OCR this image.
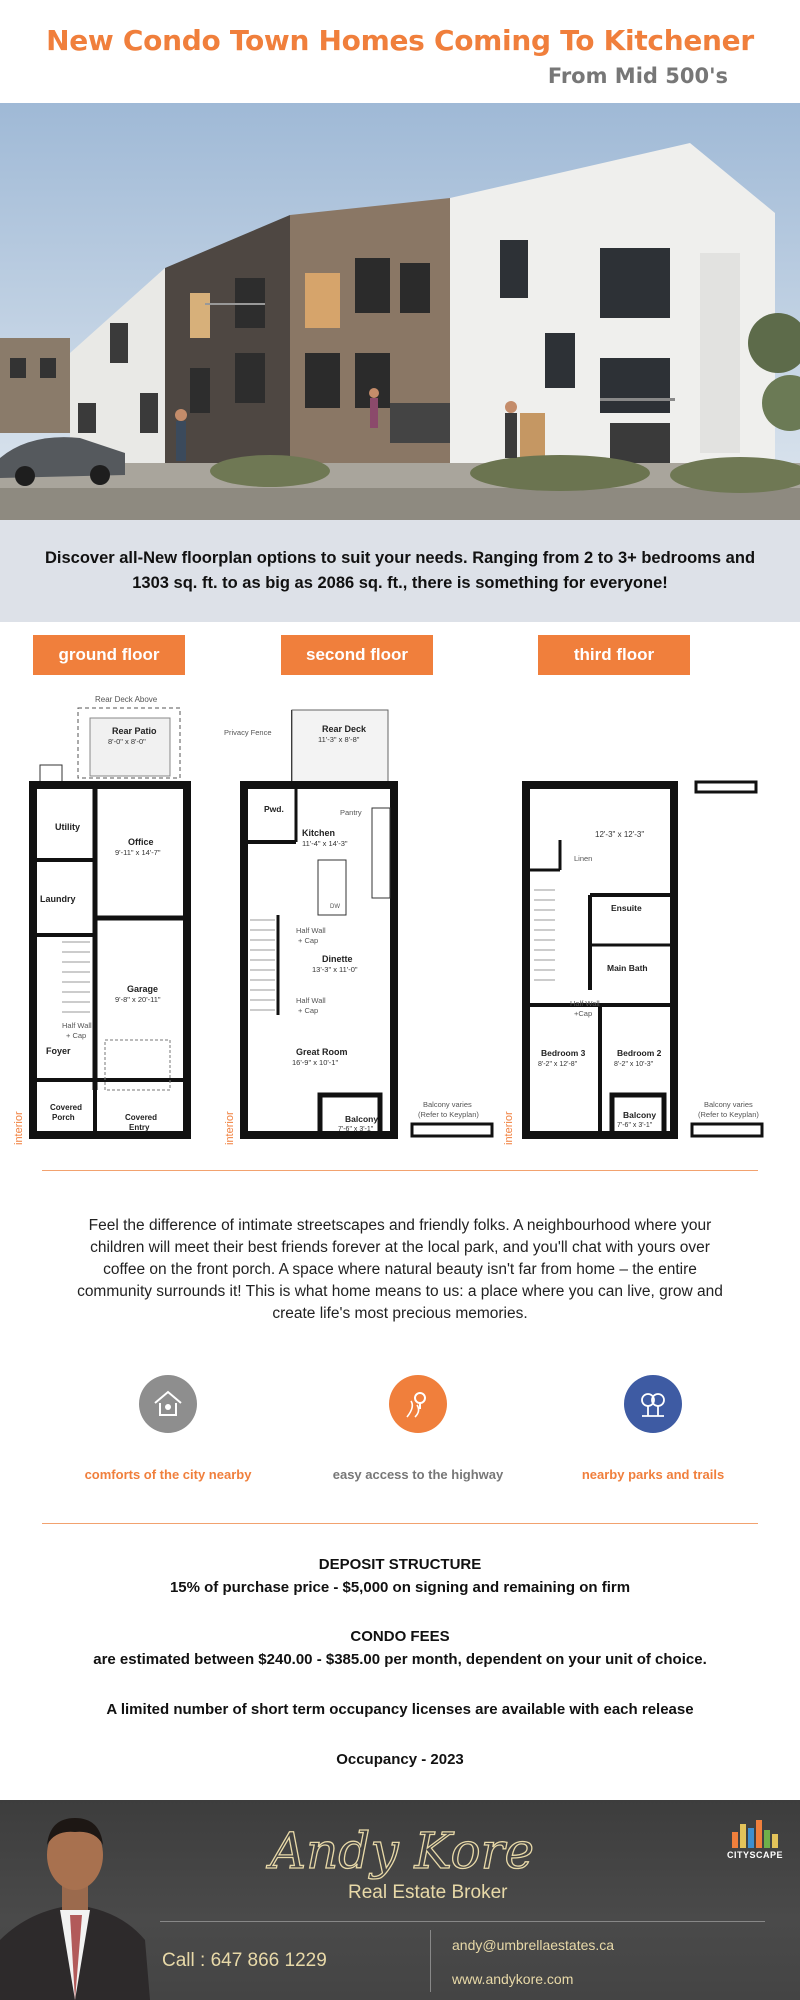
New Condo Town Homes Coming To Kitchener
From Mid 500's
Discover all-New floorplan options to suit your needs. Ranging from 2 to 3+ bedrooms and 1303 sq. ft. to as big as 2086 sq. ft., there is something for everyone!
ground floor	second floor	third floor
Rear Deck Above
Rear Patio
8'-0" x 8'-0"
Utility
Office
9'-11" x 14'-7"
Laundry
Garage
9'-8" x 20'-11"
Half Wall
+ Cap
Foyer
Covered
Porch	Covered
Entry
interior
Privacy Fence	Rear Deck
11'-3" x 8'-8"
Pwd.	Pantry
Kitchen
11'-4" x 14'-3"
DW
Half Wall
+ Cap
Dinette
13'-3" x 11'-0"
Half Wall
+ Cap
Great Room
16'-9" x 10'-1"
Balcony
7'-6" x 3'-1"
Balcony varies
(Refer to Keyplan)
interior
12'-3" x 12'-3"
Linen
Ensuite
Main Bath
Half Wall
+Cap
Bedroom 3
8'-2" x 12'-8"
Bedroom 2
8'-2" x 10'-3"
Balcony
7'-6" x 3'-1"
Balcony varies
(Refer to Keyplan)
interior
Feel the difference of intimate streetscapes and friendly folks. A neighbourhood where your children will meet their best friends forever at the local park, and you'll chat with yours over coffee on the front porch. A space where natural beauty isn't far from home – the entire community surrounds it! This is what home means to us: a place where you can live, grow and create life's most precious memories.
comforts of the city nearby	easy access to the highway	nearby parks and trails
DEPOSIT STRUCTURE
15% of purchase price - $5,000 on signing and remaining on firm
CONDO FEES
are estimated between $240.00 - $385.00 per month, dependent on your unit of choice.
A limited number of short term occupancy licenses are available with each release
Occupancy - 2023
Andy Kore
Real Estate Broker
Call : 647 866 1229
andy@umbrellaestates.ca
www.andykore.com
CITYSCAPE
